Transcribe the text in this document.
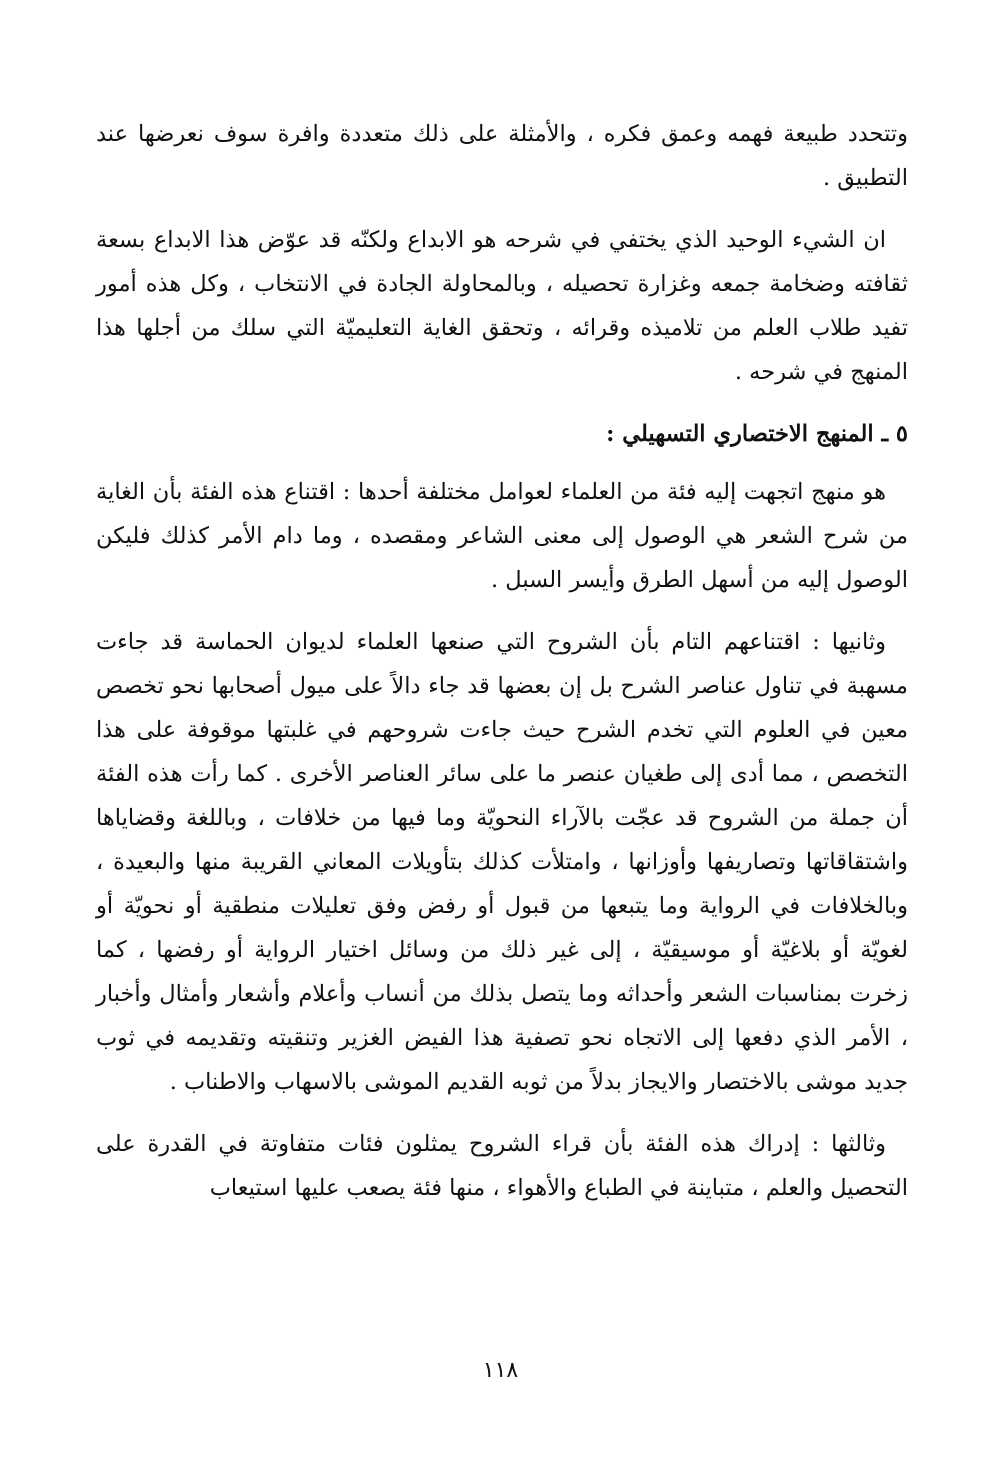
وتتحدد طبيعة فهمه وعمق فكره ، والأمثلة على ذلك متعددة وافرة سوف نعرضها عند التطبيق .

ان الشيء الوحيد الذي يختفي في شرحه هو الابداع ولكنّه قد عوّض هذا الابداع بسعة ثقافته وضخامة جمعه وغزارة تحصيله ، وبالمحاولة الجادة في الانتخاب ، وكل هذه أمور تفيد طلاب العلم من تلاميذه وقرائه ، وتحقق الغاية التعليميّة التي سلك من أجلها هذا المنهج في شرحه .

٥ ـ المنهج الاختصاري التسهيلي :

هو منهج اتجهت إليه فئة من العلماء لعوامل مختلفة أحدها : اقتناع هذه الفئة بأن الغاية من شرح الشعر هي الوصول إلى معنى الشاعر ومقصده ، وما دام الأمر كذلك فليكن الوصول إليه من أسهل الطرق وأيسر السبل .

وثانيها : اقتناعهم التام بأن الشروح التي صنعها العلماء لديوان الحماسة قد جاءت مسهبة في تناول عناصر الشرح بل إن بعضها قد جاء دالاً على ميول أصحابها نحو تخصص معين في العلوم التي تخدم الشرح حيث جاءت شروحهم في غلبتها موقوفة على هذا التخصص ، مما أدى إلى طغيان عنصر ما على سائر العناصر الأخرى . كما رأت هذه الفئة أن جملة من الشروح قد عجّت بالآراء النحويّة وما فيها من خلافات ، وباللغة وقضاياها واشتقاقاتها وتصاريفها وأوزانها ، وامتلأت كذلك بتأويلات المعاني القريبة منها والبعيدة ، وبالخلافات في الرواية وما يتبعها من قبول أو رفض وفق تعليلات منطقية أو نحويّة أو لغويّة أو بلاغيّة أو موسيقيّة ، إلى غير ذلك من وسائل اختيار الرواية أو رفضها ، كما زخرت بمناسبات الشعر وأحداثه وما يتصل بذلك من أنساب وأعلام وأشعار وأمثال وأخبار ، الأمر الذي دفعها إلى الاتجاه نحو تصفية هذا الفيض الغزير وتنقيته وتقديمه في ثوب جديد موشى بالاختصار والايجاز بدلاً من ثوبه القديم الموشى بالاسهاب والاطناب .

وثالثها : إدراك هذه الفئة بأن قراء الشروح يمثلون فئات متفاوتة في القدرة على التحصيل والعلم ، متباينة في الطباع والأهواء ، منها فئة يصعب عليها استيعاب

١١٨
